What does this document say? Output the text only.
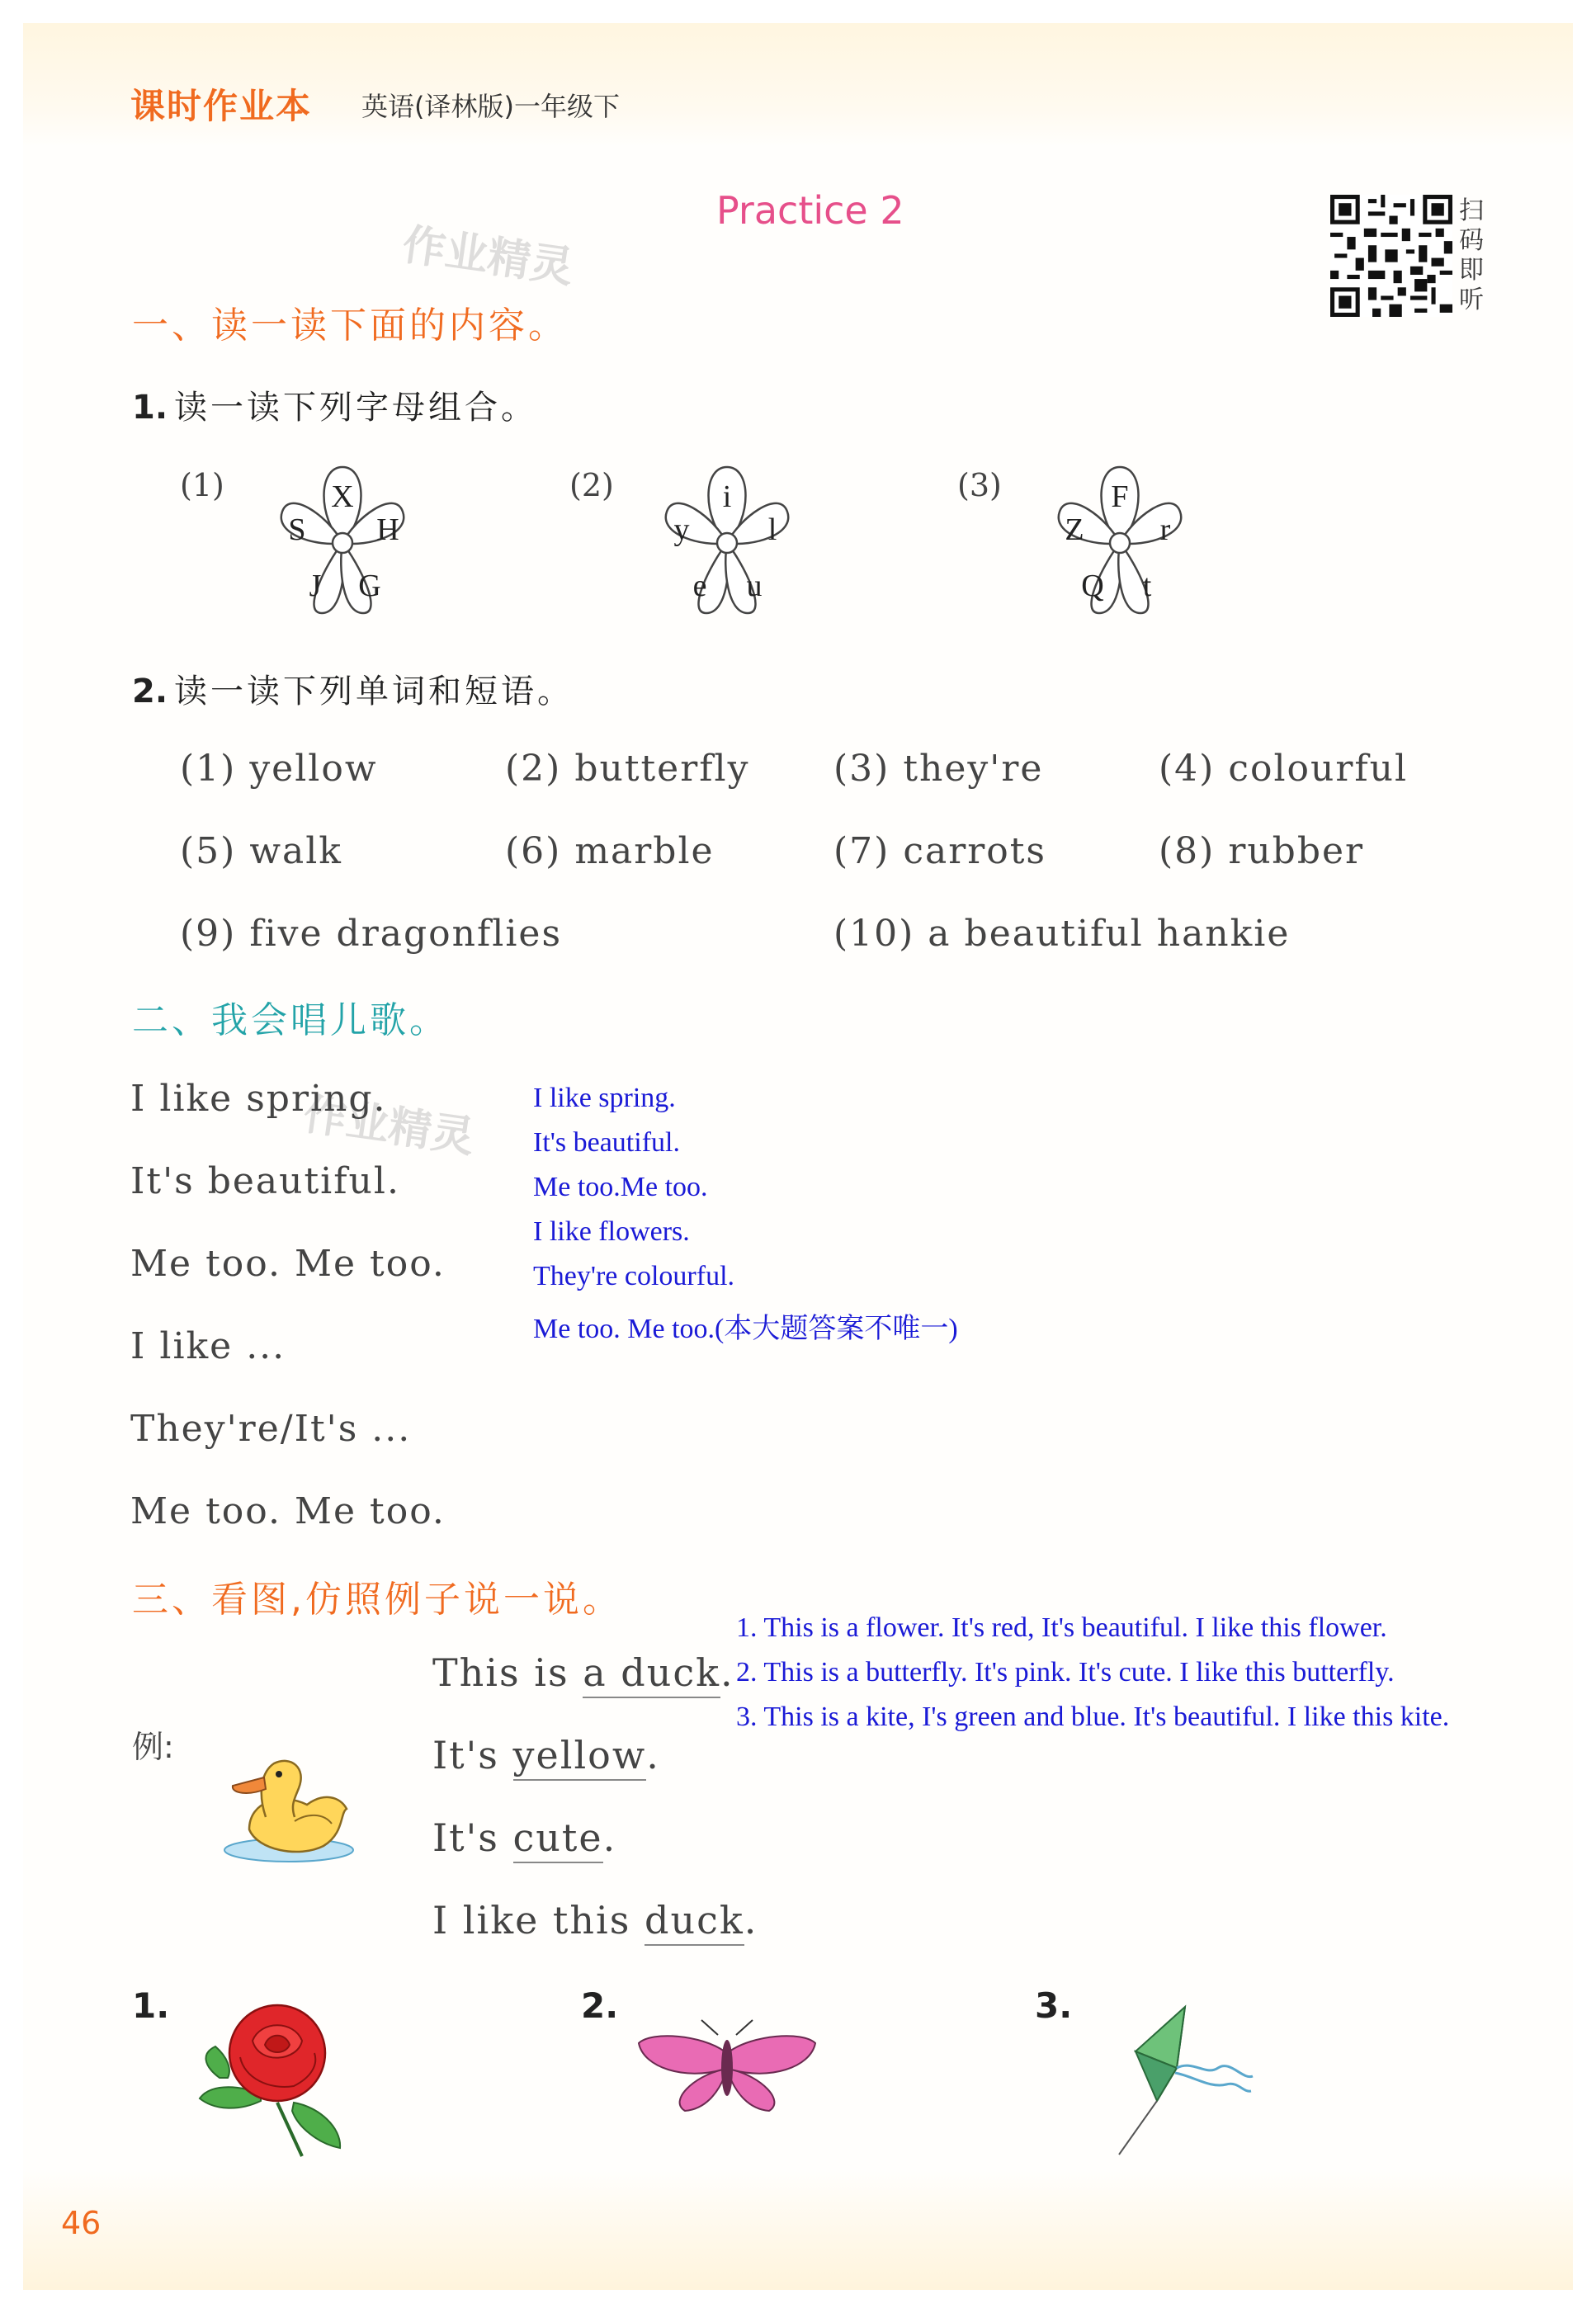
课时作业本 英语(译林版)一年级下
Practice 2
作业精灵
作业精灵
扫码即听
一、读一读下面的内容。
1. 读一读下列字母组合。
(1)	X
S H
J G
(2)	i
y	l
e u
(3)	F
Z r
Q t
2. 读一读下列单词和短语。
(1) yellow	(2) butterfly (3) they're	(4) colourful
(5) walk	(6) marble	(7) carrots	(8) rubber
(9) five dragonflies	(10) a beautiful hankie
二、我会唱儿歌。
I like spring.
It's beautiful.
Me too. Me too.
I like ...
They're/It's ...
Me too. Me too.
I like spring.
It's beautiful.
Me too.Me too.
I like flowers.
They're colourful.
Me too. Me too.(本大题答案不唯一)
三、看图,仿照例子说一说。
1. This is a flower. It's red, It's beautiful. I like this flower.
2. This is a butterfly. It's pink. It's cute. I like this butterfly.
3. This is a kite, I's green and blue. It's beautiful. I like this kite.
例:
This is a duck.
It's yellow.
It's cute.
I like this duck.
1.	2.	3.
46
